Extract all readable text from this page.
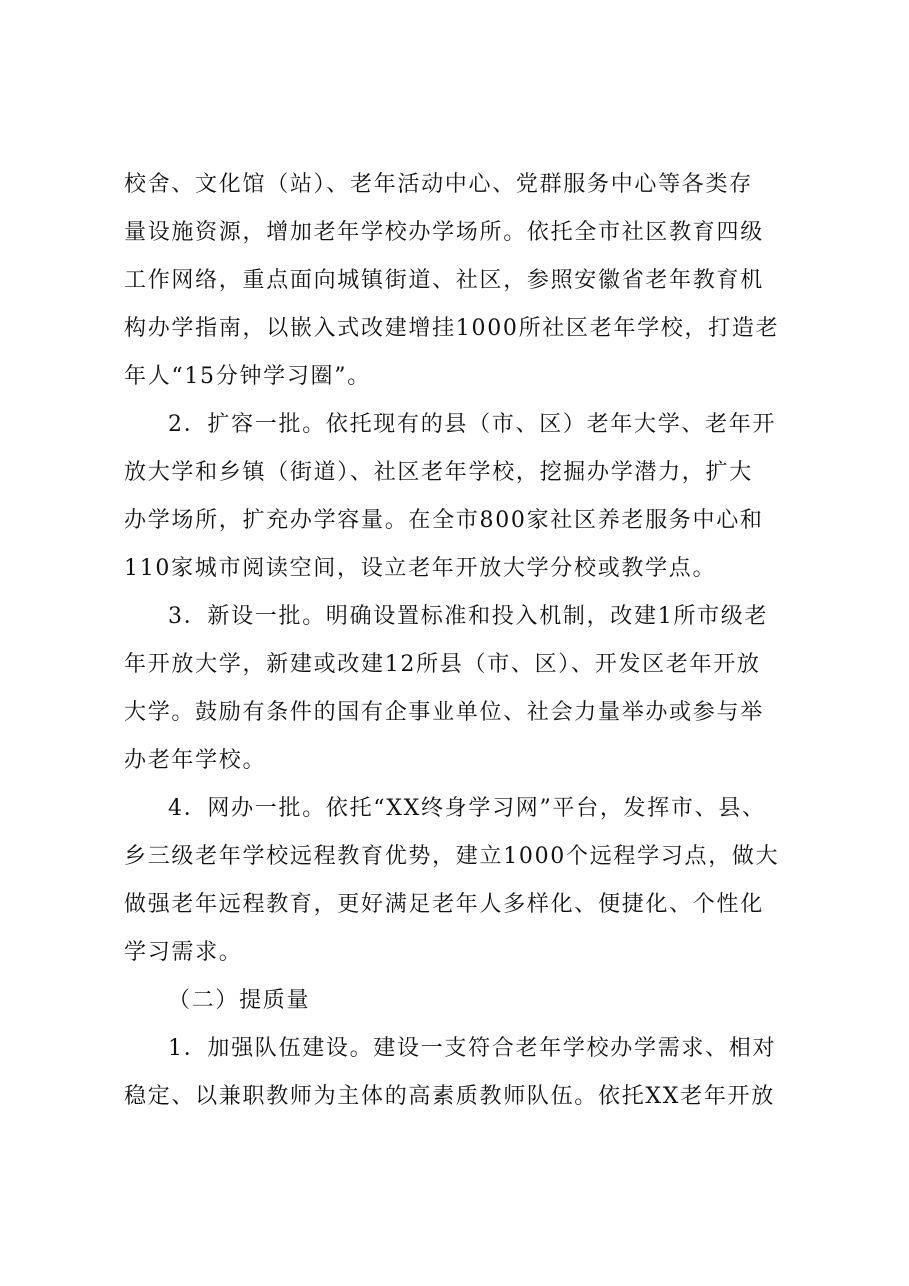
校舍、文化馆（站）、老年活动中心、党群服务中心等各类存
量设施资源，增加老年学校办学场所。依托全市社区教育四级
工作网络，重点面向城镇街道、社区，参照安徽省老年教育机
构办学指南，以嵌入式改建增挂1000所社区老年学校，打造老
年人“15分钟学习圈”。
2．扩容一批。依托现有的县（市、区）老年大学、老年开
放大学和乡镇（街道）、社区老年学校，挖掘办学潜力，扩大
办学场所，扩充办学容量。在全市800家社区养老服务中心和
110家城市阅读空间，设立老年开放大学分校或教学点。
3．新设一批。明确设置标准和投入机制，改建1所市级老
年开放大学，新建或改建12所县（市、区）、开发区老年开放
大学。鼓励有条件的国有企事业单位、社会力量举办或参与举
办老年学校。
4．网办一批。依托“XX终身学习网”平台，发挥市、县、
乡三级老年学校远程教育优势，建立1000个远程学习点，做大
做强老年远程教育，更好满足老年人多样化、便捷化、个性化
学习需求。
（二）提质量
1．加强队伍建设。建设一支符合老年学校办学需求、相对
稳定、以兼职教师为主体的高素质教师队伍。依托XX老年开放
